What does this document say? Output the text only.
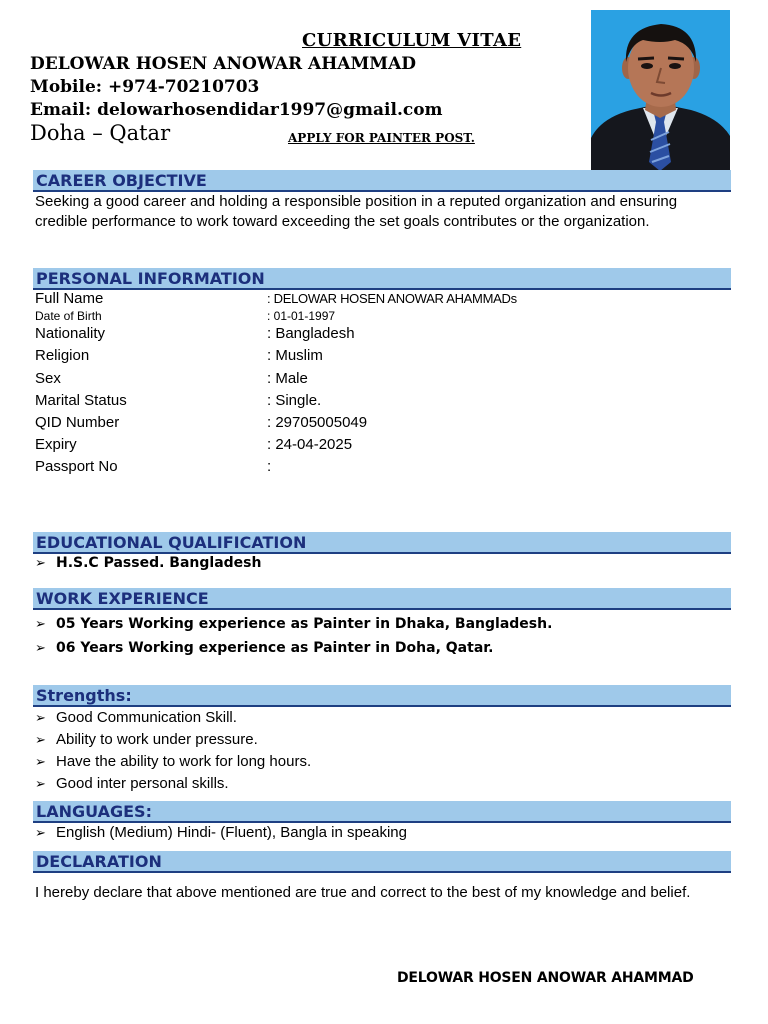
CURRICULUM VITAE
DELOWAR HOSEN ANOWAR AHAMMAD
Mobile: +974-70210703
Email: delowarhosendidar1997@gmail.com
Doha – Qatar	APPLY FOR PAINTER POST.
CAREER OBJECTIVE
Seeking a good career and holding a responsible position in a reputed organization and ensuring credible performance to work toward exceeding the set goals contributes or the organization.
PERSONAL INFORMATION
Full Name	: DELOWAR HOSEN ANOWAR AHAMMADs
Date of Birth	: 01-01-1997
Nationality	: Bangladesh
Religion	: Muslim
Sex	: Male
Marital Status	: Single.
QID Number	: 29705005049
Expiry	: 24-04-2025
Passport No	:
EDUCATIONAL QUALIFICATION
➢ H.S.C Passed. Bangladesh
WORK EXPERIENCE
➢ 05 Years Working experience as Painter in Dhaka, Bangladesh.
➢ 06 Years Working experience as Painter in Doha, Qatar.
Strengths:
➢ Good Communication Skill.
➢ Ability to work under pressure.
➢ Have the ability to work for long hours.
➢ Good inter personal skills.
LANGUAGES:
➢ English (Medium) Hindi- (Fluent), Bangla in speaking
DECLARATION
I hereby declare that above mentioned are true and correct to the best of my knowledge and belief.
DELOWAR HOSEN ANOWAR AHAMMAD
